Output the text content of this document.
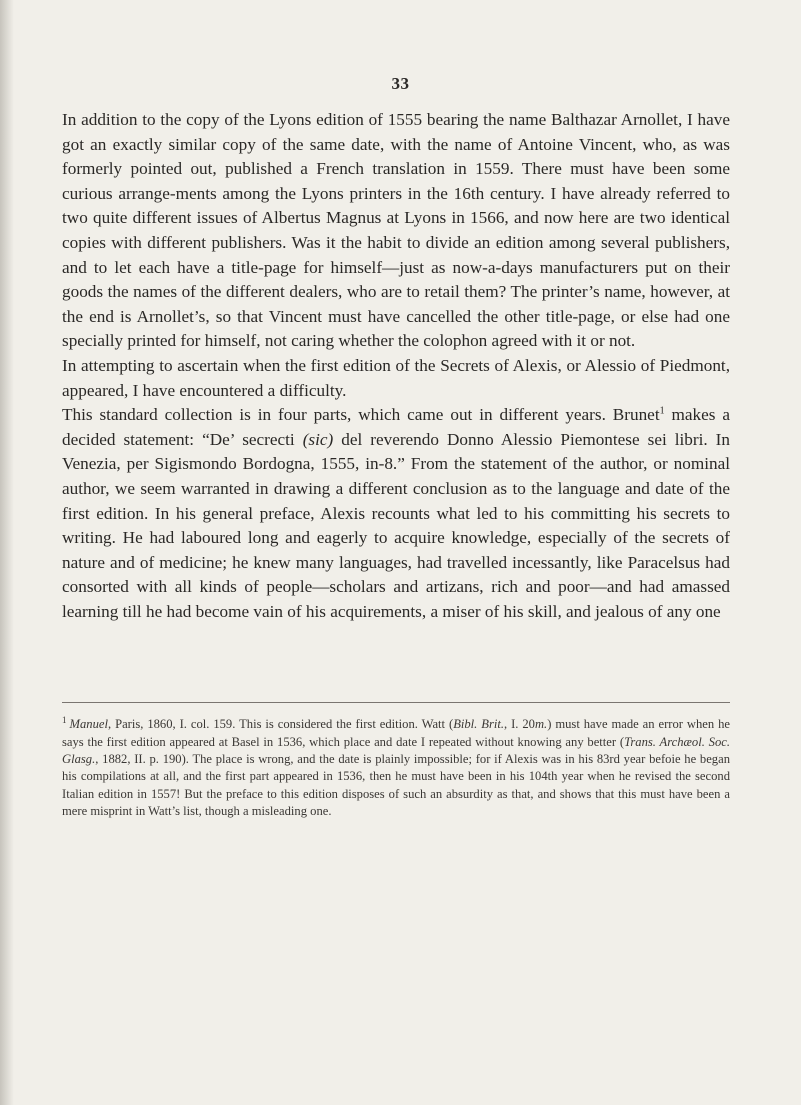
33

In addition to the copy of the Lyons edition of 1555 bearing the name Balthazar Arnollet, I have got an exactly similar copy of the same date, with the name of Antoine Vincent, who, as was formerly pointed out, published a French translation in 1559. There must have been some curious arrange-ments among the Lyons printers in the 16th century. I have already referred to two quite different issues of Albertus Magnus at Lyons in 1566, and now here are two identical copies with different publishers. Was it the habit to divide an edition among several publishers, and to let each have a title-page for himself—just as now-a-days manufacturers put on their goods the names of the different dealers, who are to retail them? The printer’s name, however, at the end is Arnollet’s, so that Vincent must have cancelled the other title-page, or else had one specially printed for himself, not caring whether the colophon agreed with it or not.

In attempting to ascertain when the first edition of the Secrets of Alexis, or Alessio of Piedmont, appeared, I have encountered a difficulty.

This standard collection is in four parts, which came out in different years. Brunet$^1$ makes a decided statement: “De’ secrecti (sic) del reverendo Donno Alessio Piemontese sei libri. In Venezia, per Sigismondo Bordogna, 1555, in-8.” From the statement of the author, or nominal author, we seem warranted in drawing a different conclusion as to the language and date of the first edition. In his general preface, Alexis recounts what led to his committing his secrets to writing. He had laboured long and eagerly to acquire knowledge, especially of the secrets of nature and of medicine; he knew many languages, had travelled incessantly, like Paracelsus had consorted with all kinds of people—scholars and artizans, rich and poor—and had amassed learning till he had become vain of his acquirements, a miser of his skill, and jealous of any one

$^1$ Manuel, Paris, 1860, I. col. 159. This is considered the first edition. Watt (Bibl. Brit., I. 20m.) must have made an error when he says the first edition appeared at Basel in 1536, which place and date I repeated without knowing any better (Trans. Archæol. Soc. Glasg., 1882, II. p. 190). The place is wrong, and the date is plainly impossible; for if Alexis was in his 83rd year befoie he began his compilations at all, and the first part appeared in 1536, then he must have been in his 104th year when he revised the second Italian edition in 1557! But the preface to this edition disposes of such an absurdity as that, and shows that this must have been a mere misprint in Watt’s list, though a misleading one.
